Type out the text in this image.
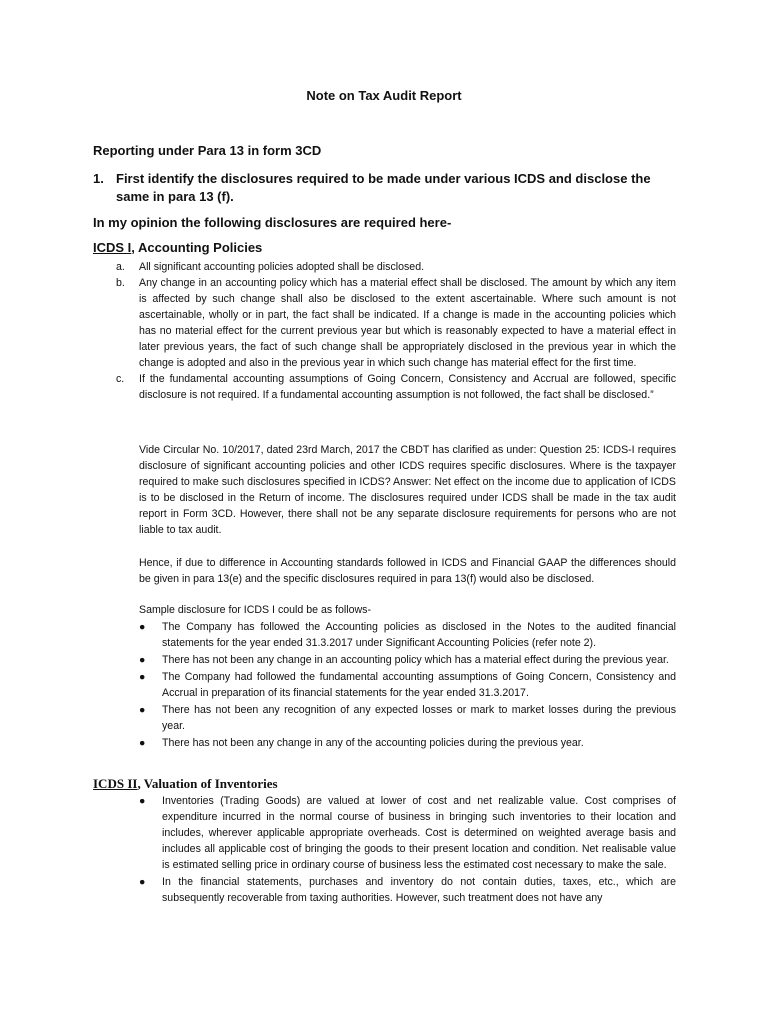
Note on Tax Audit Report
Reporting under Para 13 in form 3CD
1. First identify the disclosures required to be made under various ICDS and disclose the same in para 13 (f).
In my opinion the following disclosures are required here-
ICDS I, Accounting Policies
a. All significant accounting policies adopted shall be disclosed.
b. Any change in an accounting policy which has a material effect shall be disclosed. The amount by which any item is affected by such change shall also be disclosed to the extent ascertainable. Where such amount is not ascertainable, wholly or in part, the fact shall be indicated. If a change is made in the accounting policies which has no material effect for the current previous year but which is reasonably expected to have a material effect in later previous years, the fact of such change shall be appropriately disclosed in the previous year in which the change is adopted and also in the previous year in which such change has material effect for the first time.
c. If the fundamental accounting assumptions of Going Concern, Consistency and Accrual are followed, specific disclosure is not required. If a fundamental accounting assumption is not followed, the fact shall be disclosed.”
Vide Circular No. 10/2017, dated 23rd March, 2017 the CBDT has clarified as under: Question 25: ICDS-I requires disclosure of significant accounting policies and other ICDS requires specific disclosures. Where is the taxpayer required to make such disclosures specified in ICDS? Answer: Net effect on the income due to application of ICDS is to be disclosed in the Return of income. The disclosures required under ICDS shall be made in the tax audit report in Form 3CD. However, there shall not be any separate disclosure requirements for persons who are not liable to tax audit.
Hence, if due to difference in Accounting standards followed in ICDS and Financial GAAP the differences should be given in para 13(e) and the specific disclosures required in para 13(f) would also be disclosed.
Sample disclosure for ICDS I could be as follows-
● The Company has followed the Accounting policies as disclosed in the Notes to the audited financial statements for the year ended 31.3.2017 under Significant Accounting Policies (refer note 2).
● There has not been any change in an accounting policy which has a material effect during the previous year.
● The Company had followed the fundamental accounting assumptions of Going Concern, Consistency and Accrual in preparation of its financial statements for the year ended 31.3.2017.
● There has not been any recognition of any expected losses or mark to market losses during the previous year.
● There has not been any change in any of the accounting policies during the previous year.
ICDS II, Valuation of Inventories
● Inventories (Trading Goods) are valued at lower of cost and net realizable value. Cost comprises of expenditure incurred in the normal course of business in bringing such inventories to their location and includes, wherever applicable appropriate overheads. Cost is determined on weighted average basis and includes all applicable cost of bringing the goods to their present location and condition. Net realisable value is estimated selling price in ordinary course of business less the estimated cost necessary to make the sale.
● In the financial statements, purchases and inventory do not contain duties, taxes, etc., which are subsequently recoverable from taxing authorities. However, such treatment does not have any
